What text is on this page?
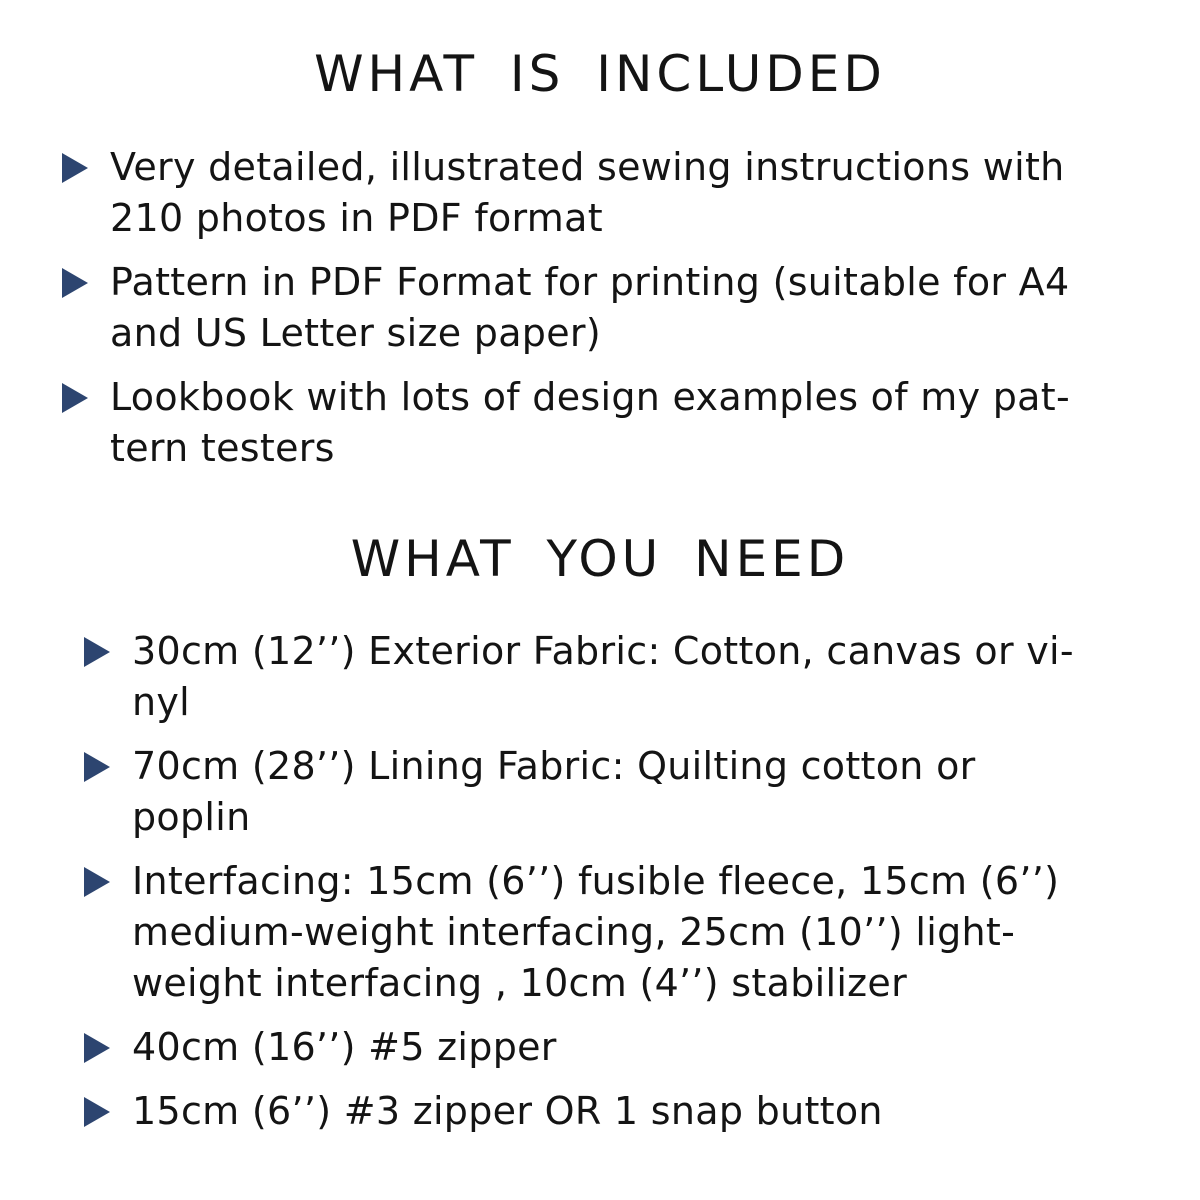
WHAT IS INCLUDED
Very detailed, illustrated sewing instructions with
210 photos in PDF format
Pattern in PDF Format for printing (suitable for A4
and US Letter size paper)
Lookbook with lots of design examples of my pat-
tern testers
WHAT YOU NEED
30cm (12’’) Exterior Fabric: Cotton, canvas or vi-
nyl
70cm (28’’) Lining Fabric: Quilting cotton or
poplin
Interfacing: 15cm (6’’) fusible fleece, 15cm (6’’)
medium-weight interfacing, 25cm (10’’) light-
weight interfacing , 10cm (4’’) stabilizer
40cm (16’’) #5 zipper
15cm (6’’) #3 zipper OR 1 snap button
